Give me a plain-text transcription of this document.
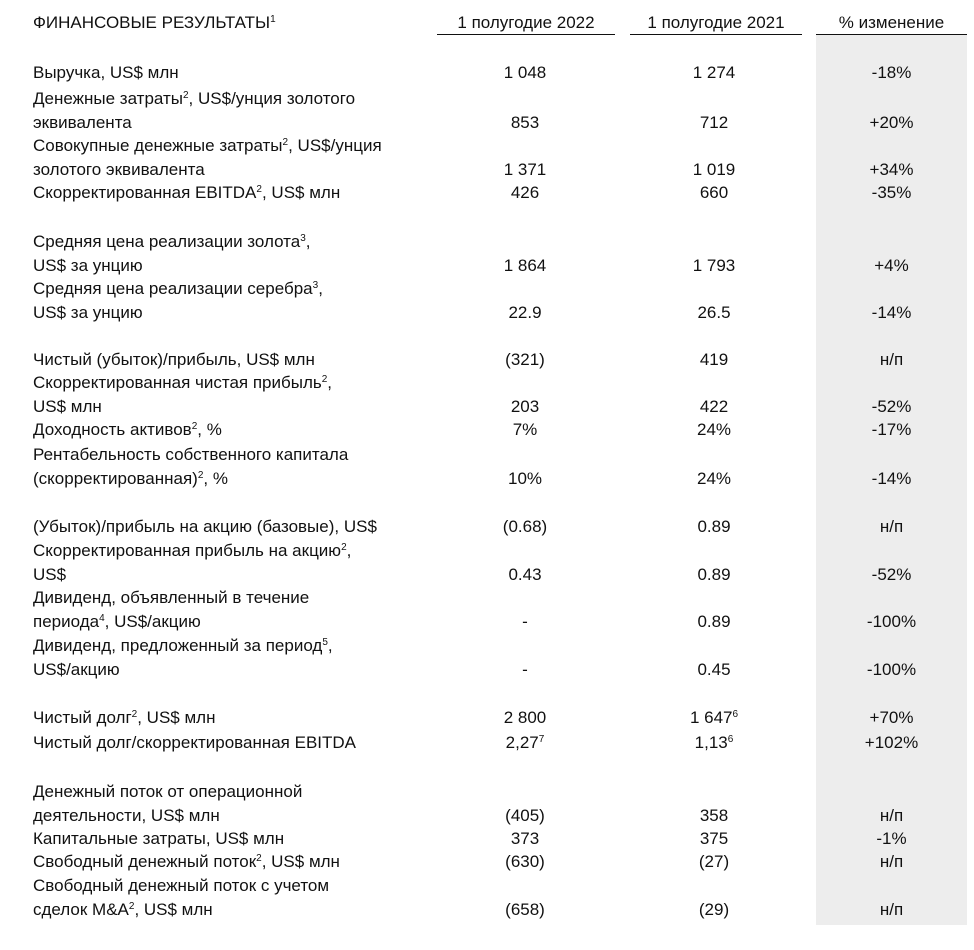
ФИНАНСОВЫЕ РЕЗУЛЬТАТЫ$^1$	1 полугодие 2022	1 полугодие 2021	% изменение
Выручка, US$ млн	1 048	1 274	-18%
Денежные затраты$^2$, US$/унция золотого
эквивалента	853	712	+20%
Совокупные денежные затраты$^2$, US$/унция
золотого эквивалента	1 371	1 019	+34%
Скорректированная EBITDA$^2$, US$ млн	426	660	-35%
Средняя цена реализации золота$^3$,
US$ за унцию	1 864	1 793	+4%
Средняя цена реализации серебра$^3$,
US$ за унцию	22.9	26.5	-14%
Чистый (убыток)/прибыль, US$ млн	(321)	419	н/п
Скорректированная чистая прибыль$^2$,
US$ млн	203	422	-52%
Доходность активов$^2$, %	7%	24%	-17%
Рентабельность собственного капитала
(скорректированная)$^2$, %	10%	24%	-14%
(Убыток)/прибыль на акцию (базовые), US$	(0.68)	0.89	н/п
Скорректированная прибыль на акцию$^2$,
US$	0.43	0.89	-52%
Дивиденд, объявленный в течение
периода$^4$, US$/акцию	-	0.89	-100%
Дивиденд, предложенный за период$^5$,
US$/акцию	-	0.45	-100%
Чистый долг$^2$, US$ млн	2 800	1 $647^6$	+70%
Чистый долг/скорректированная EBITDA	2,27$^7$	$1,13^6$	+102%
Денежный поток от операционной
деятельности, US$ млн	(405)	358	н/п
Капитальные затраты, US$ млн	373	375	-1%
Свободный денежный поток$^2$, US$ млн	(630)	(27)	н/п
Свободный денежный поток с учетом
сделок $M\&A^2$, US$ млн	(658)	(29)	н/п
